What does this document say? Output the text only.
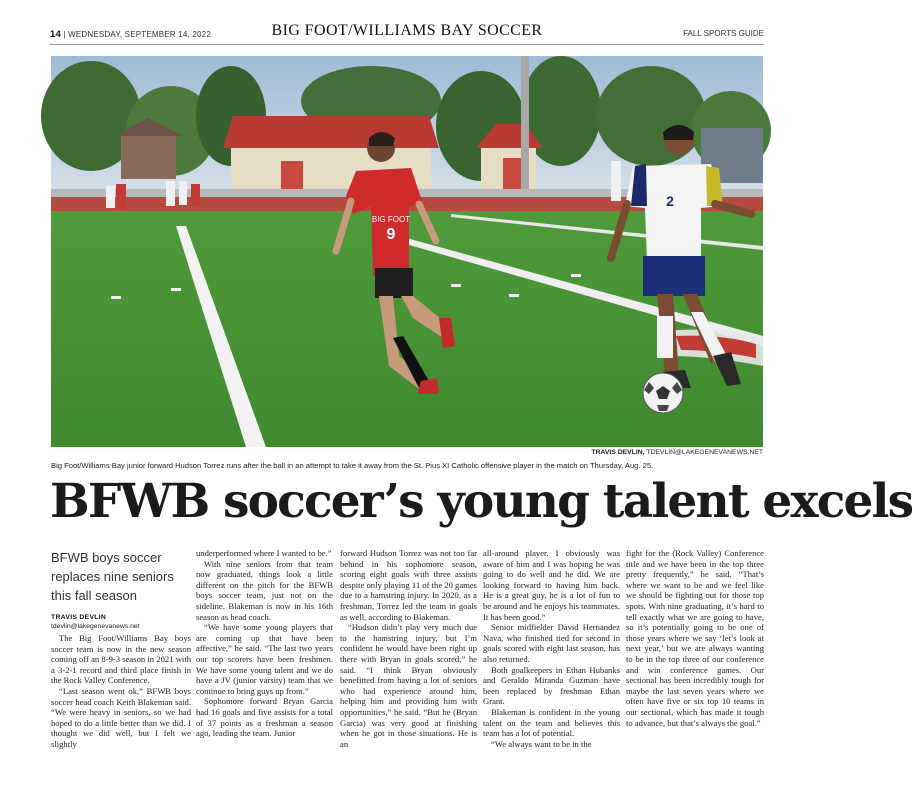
14 | WEDNESDAY, SEPTEMBER 14, 2022	BIG FOOT/WILLIAMS BAY SOCCER	FALL SPORTS GUIDE
BIG FOOT
9
2
TRAVIS DEVLIN, TDEVLIN@LAKEGENEVANEWS.NET
Big Foot/Williams Bay junior forward Hudson Torrez runs after the ball in an attempt to take it away from the St. Pius XI Catholic offensive player in the match on Thursday, Aug. 25.
BFWB soccer’s young talent excels
BFWB boys soccer replaces nine seniors this fall season
TRAVIS DEVLIN
tdevlin@lakegenevanews.net

The Big Foot/Williams Bay boys soccer team is now in the new season coming off an 8-9-3 season in 2021 with a 3-2-1 record and third place finish in the Rock Valley Conference.

“Last season went ok,” BFWB boys soccer head coach Keith Blakeman said. “We were heavy in seniors, so we had hoped to do a little better than we did. I thought we did well, but I felt we slightly

underperformed where I wanted to be.”

With nine seniors from that team now graduated, things look a little different on the pitch for the BFWB boys soccer team, just not on the sideline. Blakeman is now in his 16th season as head coach.

“We have some young players that are coming up that have been affective,” he said. “The last two years our top scorers have been freshmen. We have some young talent and we do have a JV (junior varsity) team that we continue to bring guys up from.”

Sophomore forward Bryan Garcia had 16 goals and five assists for a total of 37 points as a freshman a season ago, leading the team. Junior

forward Hudson Torrez was not too far behind in his sophomore season, scoring eight goals with three assists despite only playing 11 of the 20 games due to a hamstring injury. In 2020, as a freshman, Torrez led the team in goals as well, according to Blakeman.

“Hudson didn’t play very much due to the hamstring injury, but I’m confident he would have been right up there with Bryan in goals scored,” he said. “I think Bryan obviously benefitted from having a lot of seniors who had experience around him, helping him and providing him with opportunities,” he said. “But he (Bryan Garcia) was very good at finishing when he got in those situations. He is an

all-around player. I obviously was aware of him and I was hoping he was going to do well and he did. We are looking forward to having him back. He is a great guy, he is a lot of fun to be around and he enjoys his teammates. It has been good.”

Senior midfielder David Hernandez Nava, who finished tied for second in goals scored with eight last season, has also returned.

Both goalkeepers in Ethan Hubanks and Geraldo Miranda Guzman have been replaced by freshman Ethan Grant.

Blakeman is confident in the young talent on the team and believes this team has a lot of potential.

“We always want to be in the

fight for the (Rock Valley) Conference title and we have been in the top three pretty frequently,” he said. “That’s where we want to be and we feel like we should be fighting out for those top spots. With nine graduating, it’s hard to tell exactly what we are going to have, so it’s potentially going to be one of those years where we say ‘let’s look at next year,’ but we are always wanting to be in the top three of our conference and win conference games. Our sectional has been incredibly tough for maybe the last seven years where we often have five or six top 10 teams in our sectional, which has made it tough to advance, but that’s always the goal.”
